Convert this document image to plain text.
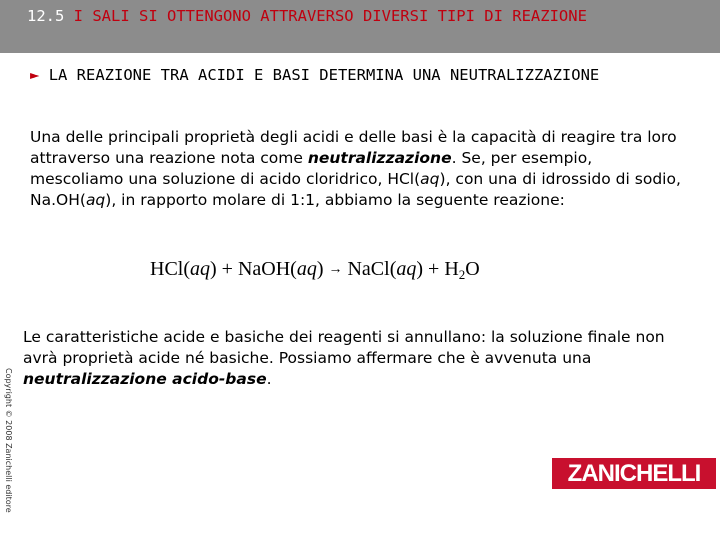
12.5 I SALI SI OTTENGONO ATTRAVERSO DIVERSI TIPI DI REAZIONE
► LA REAZIONE TRA ACIDI E BASI DETERMINA UNA NEUTRALIZZAZIONE
Una delle principali proprietà degli acidi e delle basi è la capacità di reagire tra loro attraverso una reazione nota come neutralizzazione. Se, per esempio, mescoliamo una soluzione di acido cloridrico, HCl(aq), con una di idrossido di sodio, Na.OH(aq), in rapporto molare di 1:1, abbiamo la seguente reazione:
HCl(aq) + NaOH(aq) → NaCl(aq) + $H_2O$
Le caratteristiche acide e basiche dei reagenti si annullano: la soluzione finale non avrà proprietà acide né basiche. Possiamo affermare che è avvenuta una neutralizzazione acido-base.
Copyright © 2008 Zanichelli editore	ZANICHELLI
